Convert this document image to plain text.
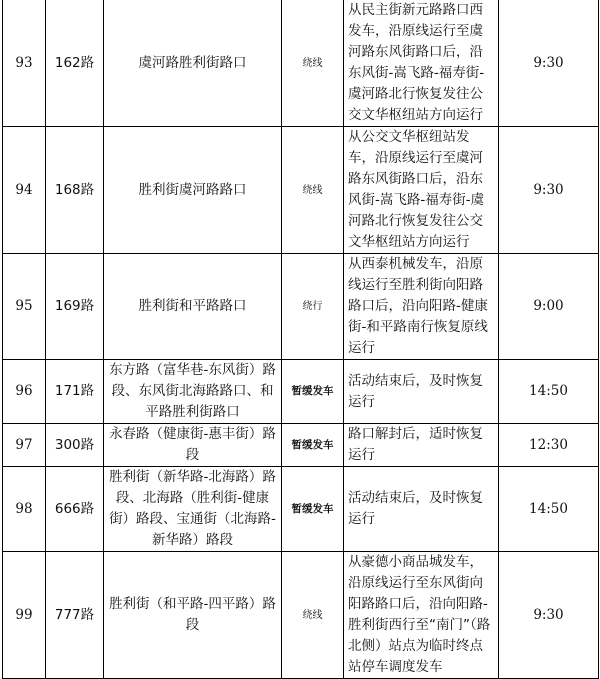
93	162路	虞河路胜利街路口	绕线	从民主街新元路路口西发车，沿原线运行至虞河路东风街路口后，沿东风街-嵩飞路-福寿街-虞河路北行恢复发往公交文华枢纽站方向运行	9:30
94	168路	胜利街虞河路路口	绕线	从公交文华枢纽站发车，沿原线运行至虞河路东风街路口后，沿东风街-嵩飞路-福寿街-虞河路北行恢复发往公交文华枢纽站方向运行	9:30
95	169路	胜利街和平路路口	绕行	从西泰机械发车，沿原线运行至胜利街向阳路路口后，沿向阳路-健康街-和平路南行恢复原线运行	9:00
96	171路	东方路（富华巷-东风街）路段、东风街北海路路口、和平路胜利街路口	暂缓发车	活动结束后，及时恢复运行	14:50
97	300路	永春路（健康街-惠丰街）路段	暂缓发车	路口解封后，适时恢复运行	12:30
98	666路	胜利街（新华路-北海路）路段、北海路（胜利街-健康街）路段、宝通街（北海路-新华路）路段	暂缓发车	活动结束后，及时恢复运行	14:50
99	777路	胜利街（和平路-四平路）路段	绕线	从豪德小商品城发车，沿原线运行至东风街向阳路路口后，沿向阳路-胜利街西行至“南门”（路北侧）站点为临时终点站停车调度发车	9:30
